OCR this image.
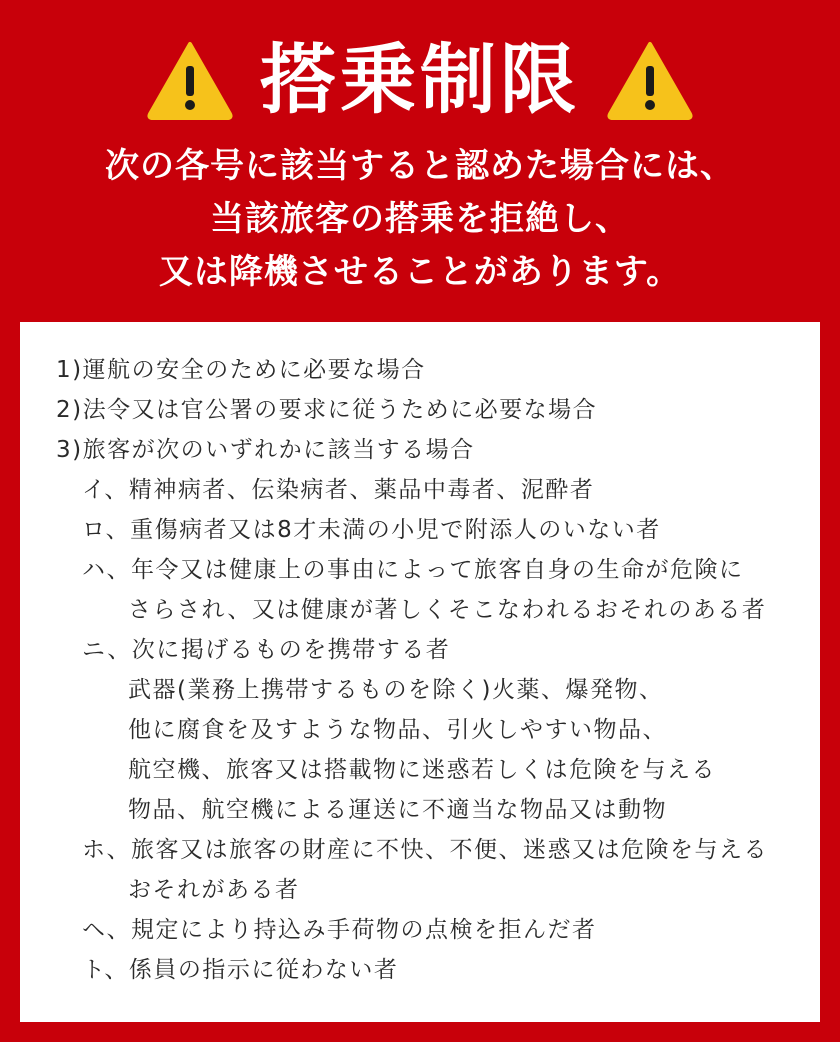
搭乗制限
次の各号に該当すると認めた場合には、
当該旅客の搭乗を拒絶し、
又は降機させることがあります。
1)運航の安全のために必要な場合
2)法令又は官公署の要求に従うために必要な場合
3)旅客が次のいずれかに該当する場合
イ、精神病者、伝染病者、薬品中毒者、泥酔者
ロ、重傷病者又は8才未満の小児で附添人のいない者
ハ、年令又は健康上の事由によって旅客自身の生命が危険に
さらされ、又は健康が著しくそこなわれるおそれのある者
ニ、次に掲げるものを携帯する者
武器(業務上携帯するものを除く)火薬、爆発物、
他に腐食を及すような物品、引火しやすい物品、
航空機、旅客又は搭載物に迷惑若しくは危険を与える
物品、航空機による運送に不適当な物品又は動物
ホ、旅客又は旅客の財産に不快、不便、迷惑又は危険を与える
おそれがある者
ヘ、規定により持込み手荷物の点検を拒んだ者
ト、係員の指示に従わない者
